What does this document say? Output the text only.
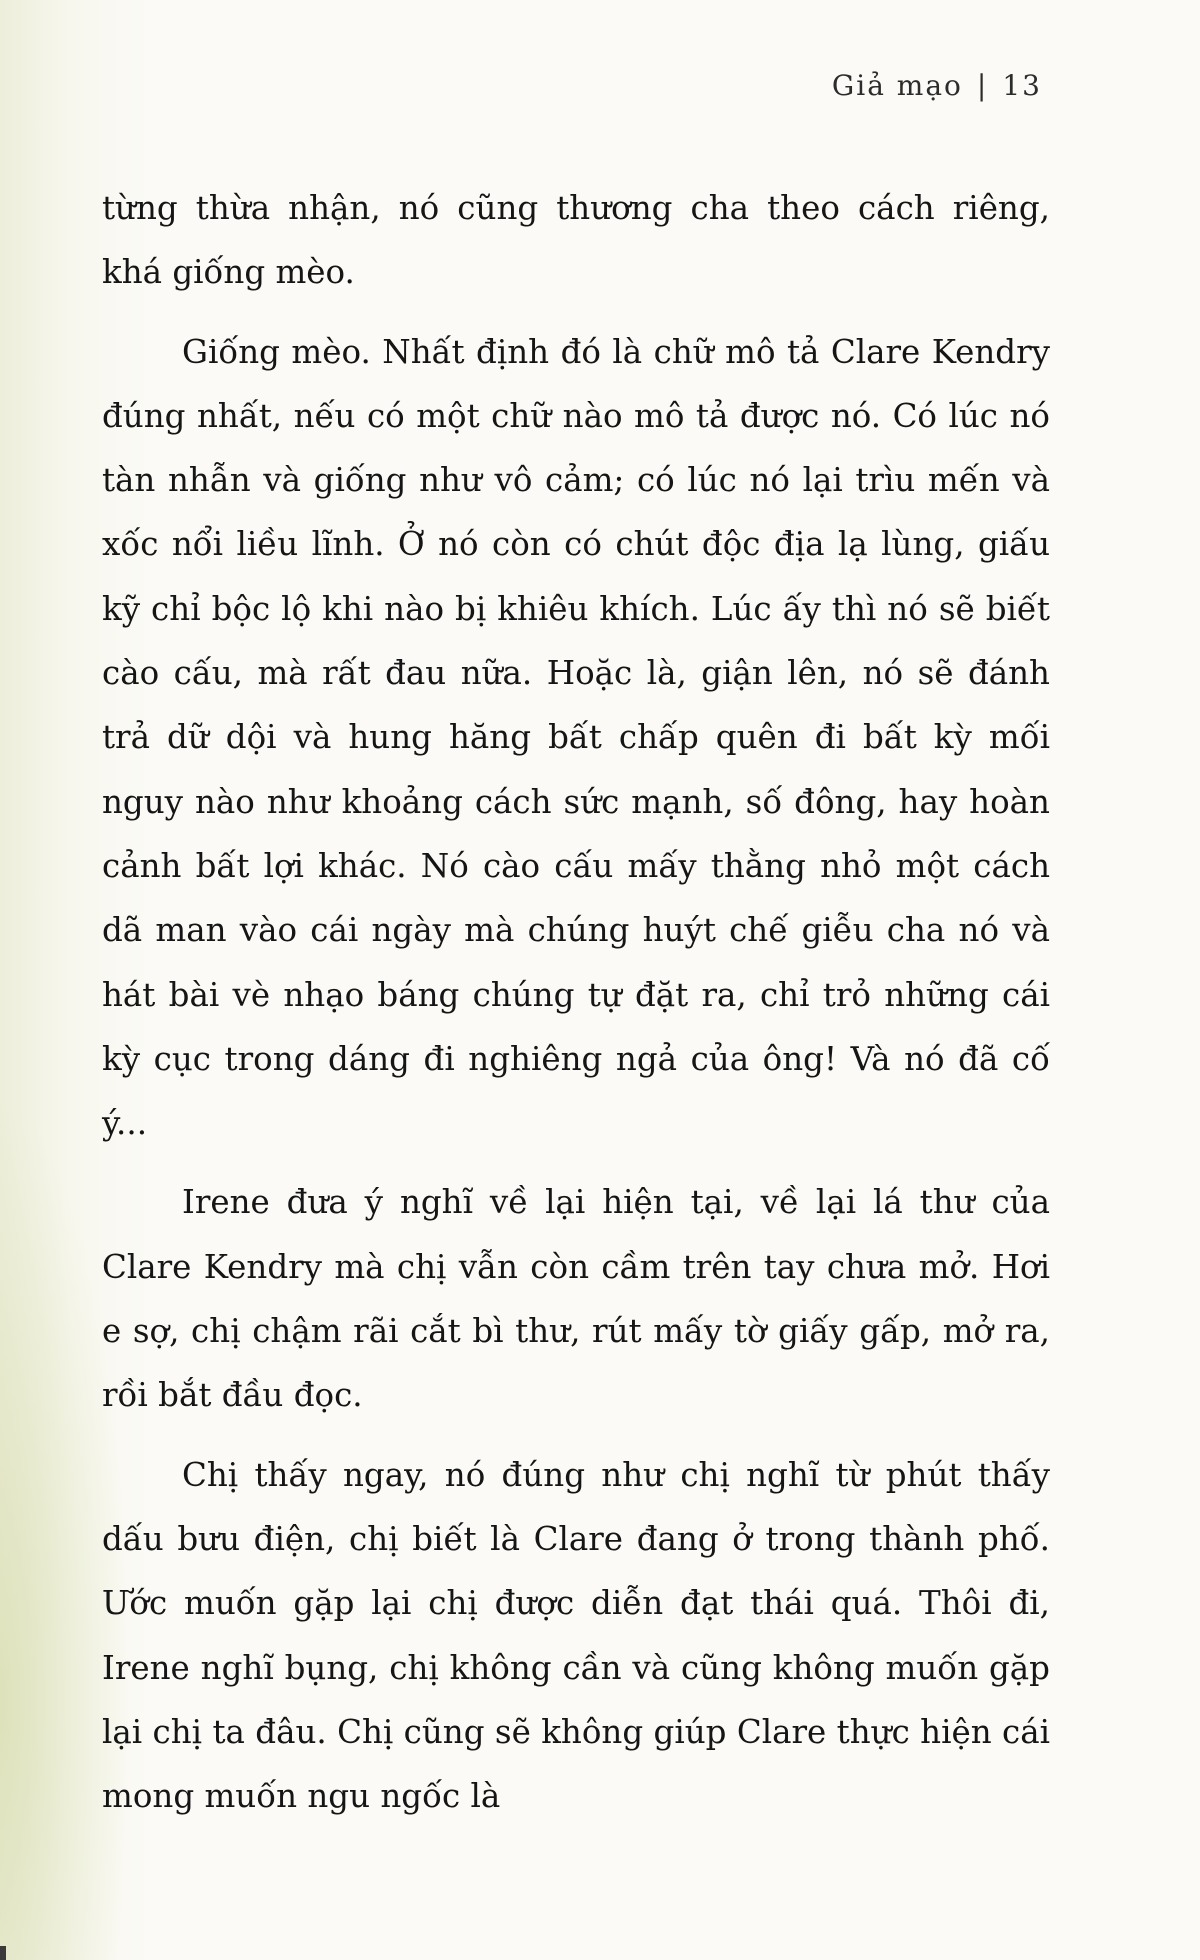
Giả mạo | 13

từng thừa nhận, nó cũng thương cha theo cách riêng, khá giống mèo.

Giống mèo. Nhất định đó là chữ mô tả Clare Kendry đúng nhất, nếu có một chữ nào mô tả được nó. Có lúc nó tàn nhẫn và giống như vô cảm; có lúc nó lại trìu mến và xốc nổi liều lĩnh. Ở nó còn có chút độc địa lạ lùng, giấu kỹ chỉ bộc lộ khi nào bị khiêu khích. Lúc ấy thì nó sẽ biết cào cấu, mà rất đau nữa. Hoặc là, giận lên, nó sẽ đánh trả dữ dội và hung hăng bất chấp quên đi bất kỳ mối nguy nào như khoảng cách sức mạnh, số đông, hay hoàn cảnh bất lợi khác. Nó cào cấu mấy thằng nhỏ một cách dã man vào cái ngày mà chúng huýt chế giễu cha nó và hát bài vè nhạo báng chúng tự đặt ra, chỉ trỏ những cái kỳ cục trong dáng đi nghiêng ngả của ông! Và nó đã cố ý...

Irene đưa ý nghĩ về lại hiện tại, về lại lá thư của Clare Kendry mà chị vẫn còn cầm trên tay chưa mở. Hơi e sợ, chị chậm rãi cắt bì thư, rút mấy tờ giấy gấp, mở ra, rồi bắt đầu đọc.

Chị thấy ngay, nó đúng như chị nghĩ từ phút thấy dấu bưu điện, chị biết là Clare đang ở trong thành phố. Ước muốn gặp lại chị được diễn đạt thái quá. Thôi đi, Irene nghĩ bụng, chị không cần và cũng không muốn gặp lại chị ta đâu. Chị cũng sẽ không giúp Clare thực hiện cái mong muốn ngu ngốc là
